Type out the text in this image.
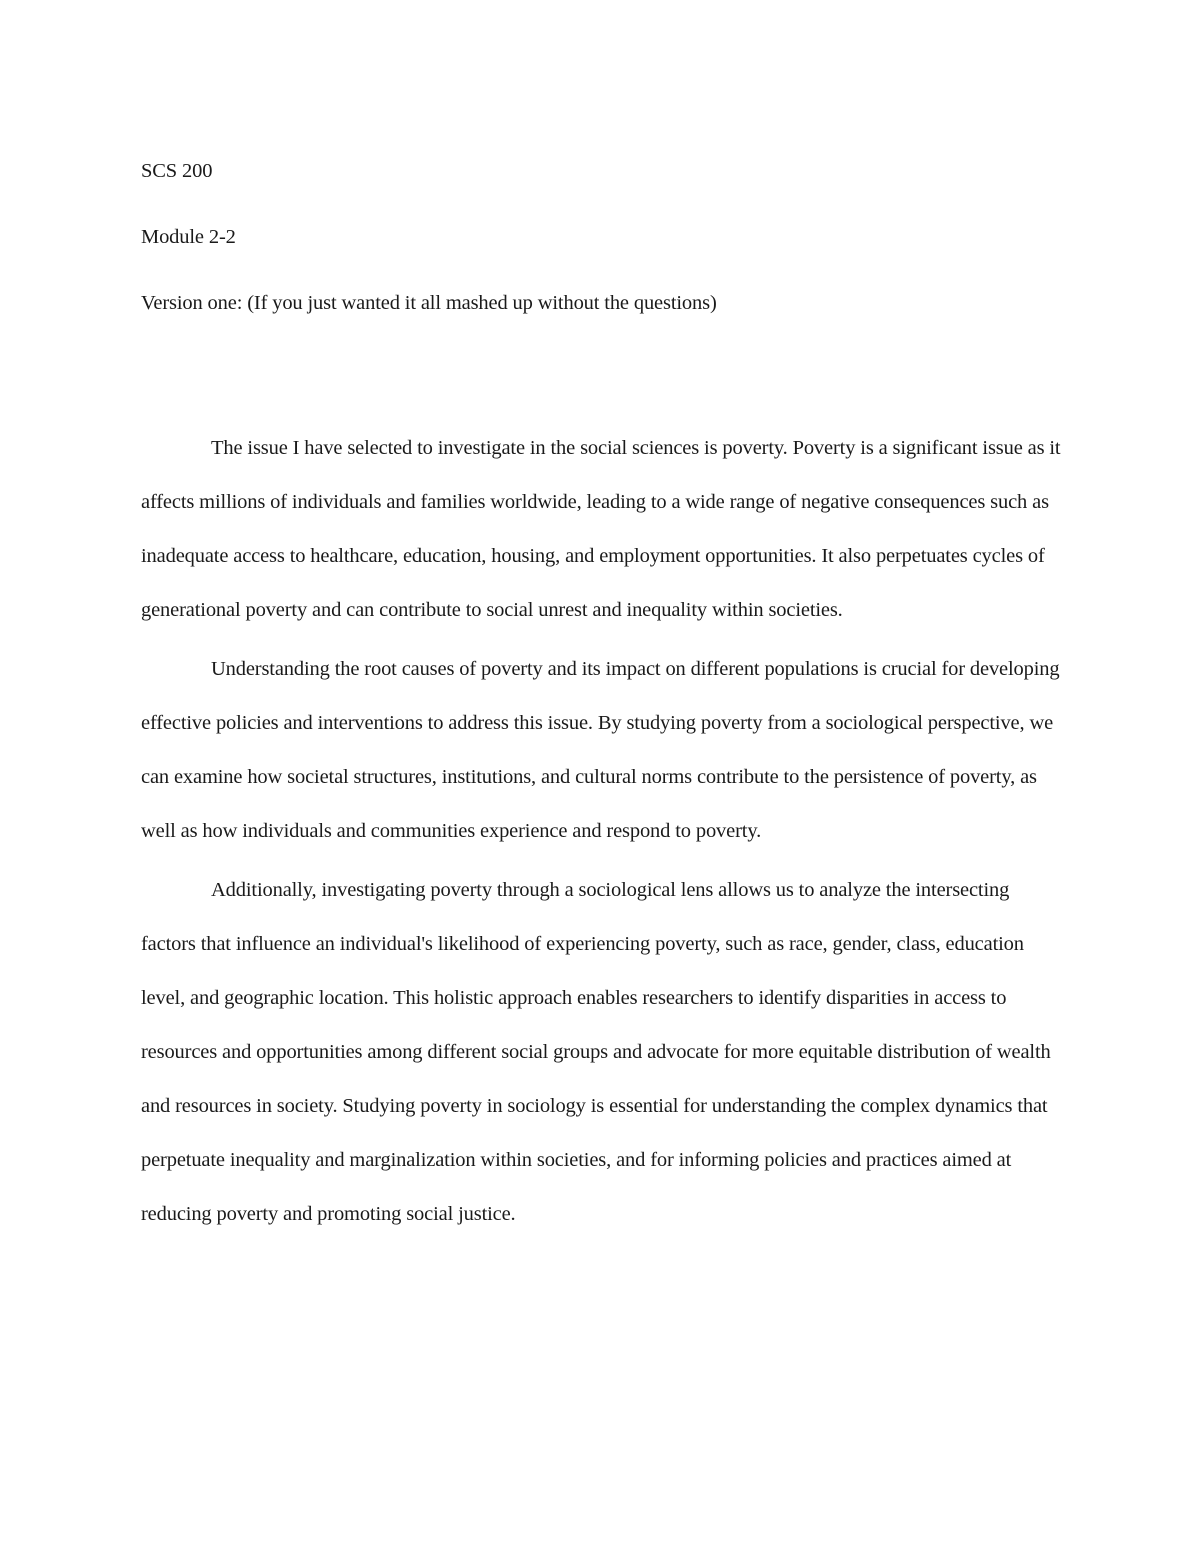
SCS 200

Module 2-2

Version one: (If you just wanted it all mashed up without the questions)

The issue I have selected to investigate in the social sciences is poverty. Poverty is a significant issue as it affects millions of individuals and families worldwide, leading to a wide range of negative consequences such as inadequate access to healthcare, education, housing, and employment opportunities. It also perpetuates cycles of generational poverty and can contribute to social unrest and inequality within societies.

Understanding the root causes of poverty and its impact on different populations is crucial for developing effective policies and interventions to address this issue. By studying poverty from a sociological perspective, we can examine how societal structures, institutions, and cultural norms contribute to the persistence of poverty, as well as how individuals and communities experience and respond to poverty.

Additionally, investigating poverty through a sociological lens allows us to analyze the intersecting factors that influence an individual's likelihood of experiencing poverty, such as race, gender, class, education level, and geographic location. This holistic approach enables researchers to identify disparities in access to resources and opportunities among different social groups and advocate for more equitable distribution of wealth and resources in society. Studying poverty in sociology is essential for understanding the complex dynamics that perpetuate inequality and marginalization within societies, and for informing policies and practices aimed at reducing poverty and promoting social justice.
